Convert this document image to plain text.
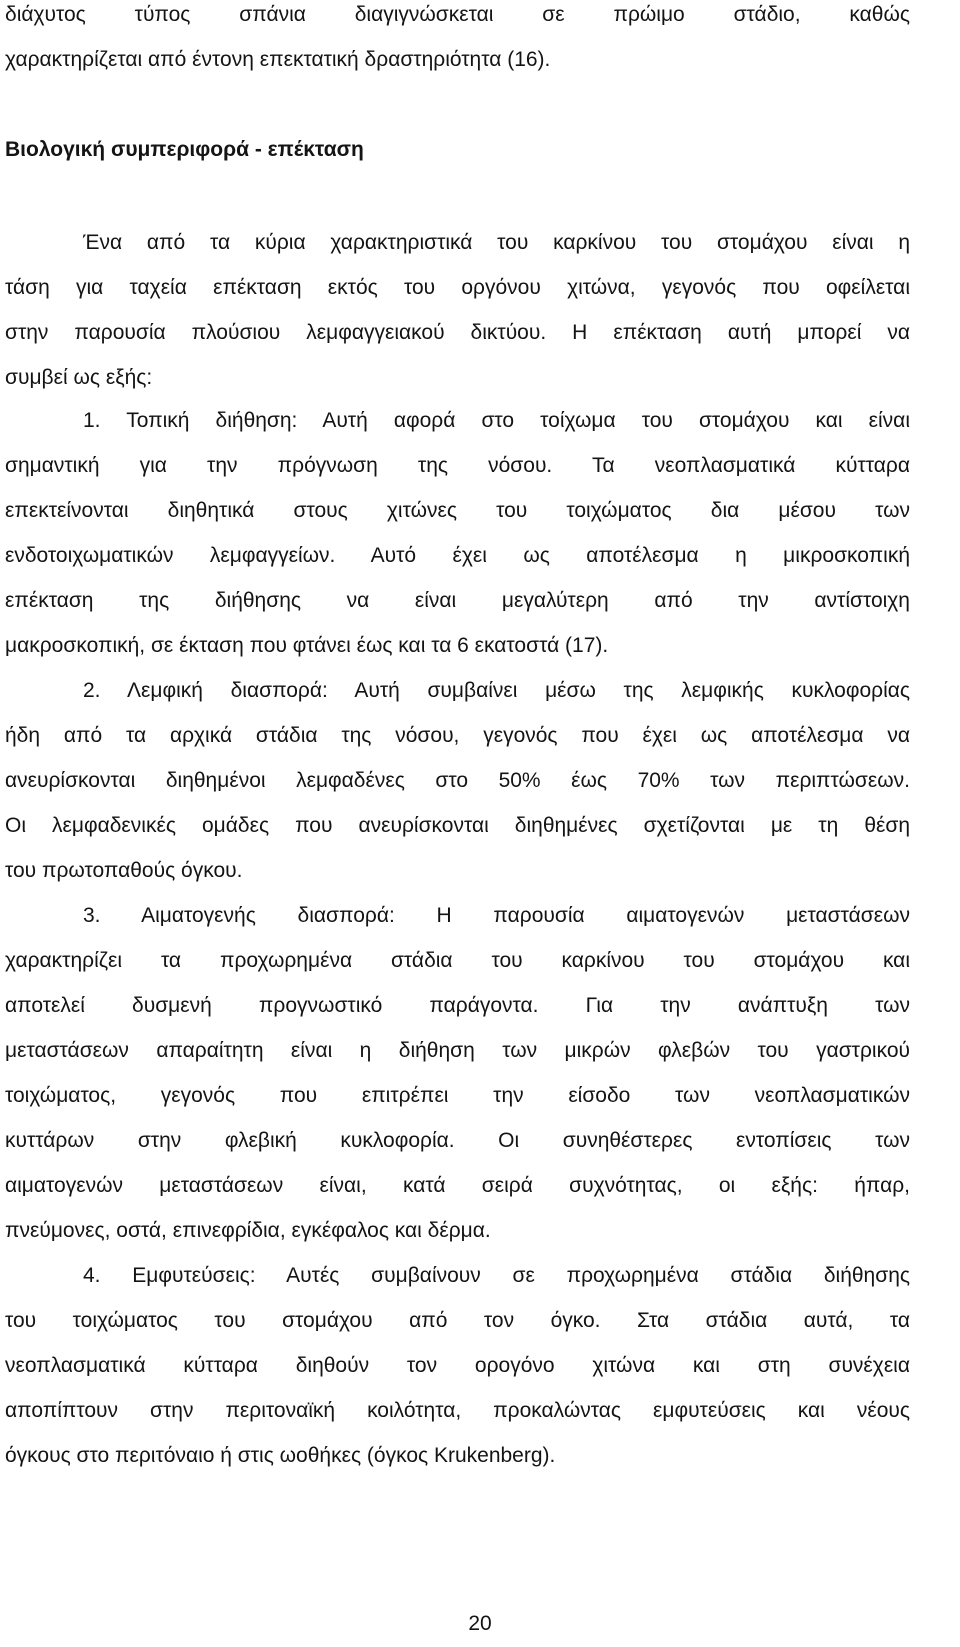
διάχυτος τύπος σπάνια διαγιγνώσκεται σε πρώιμο στάδιο, καθώς
χαρακτηρίζεται από έντονη επεκτατική δραστηριότητα (16).
Βιολογική συμπεριφορά - επέκταση
Ένα από τα κύρια χαρακτηριστικά του καρκίνου του στομάχου είναι η
τάση για ταχεία επέκταση εκτός του οργόνου χιτώνα, γεγονός που οφείλεται
στην παρουσία πλούσιου λεμφαγγειακού δικτύου. Η επέκταση αυτή μπορεί να
συμβεί ως εξής:
1. Τοπική διήθηση: Αυτή αφορά στο τοίχωμα του στομάχου και είναι
σημαντική για την πρόγνωση της νόσου. Τα νεοπλασματικά κύτταρα
επεκτείνονται διηθητικά στους χιτώνες του τοιχώματος δια μέσου των
ενδοτοιχωματικών λεμφαγγείων. Αυτό έχει ως αποτέλεσμα η μικροσκοπική
επέκταση της διήθησης να είναι μεγαλύτερη από την αντίστοιχη
μακροσκοπική, σε έκταση που φτάνει έως και τα 6 εκατοστά (17).
2. Λεμφική διασπορά: Αυτή συμβαίνει μέσω της λεμφικής κυκλοφορίας
ήδη από τα αρχικά στάδια της νόσου, γεγονός που έχει ως αποτέλεσμα να
ανευρίσκονται διηθημένοι λεμφαδένες στο 50% έως 70% των περιπτώσεων.
Οι λεμφαδενικές ομάδες που ανευρίσκονται διηθημένες σχετίζονται με τη θέση
του πρωτοπαθούς όγκου.
3. Αιματογενής διασπορά: Η παρουσία αιματογενών μεταστάσεων
χαρακτηρίζει τα προχωρημένα στάδια του καρκίνου του στομάχου και
αποτελεί δυσμενή προγνωστικό παράγοντα. Για την ανάπτυξη των
μεταστάσεων απαραίτητη είναι η διήθηση των μικρών φλεβών του γαστρικού
τοιχώματος, γεγονός που επιτρέπει την είσοδο των νεοπλασματικών
κυττάρων στην φλεβική κυκλοφορία. Οι συνηθέστερες εντοπίσεις των
αιματογενών μεταστάσεων είναι, κατά σειρά συχνότητας, οι εξής: ήπαρ,
πνεύμονες, οστά, επινεφρίδια, εγκέφαλος και δέρμα.
4. Εμφυτεύσεις: Αυτές συμβαίνουν σε προχωρημένα στάδια διήθησης
του τοιχώματος του στομάχου από τον όγκο. Στα στάδια αυτά, τα
νεοπλασματικά κύτταρα διηθούν τον ορογόνο χιτώνα και στη συνέχεια
αποπίπτουν στην περιτοναϊκή κοιλότητα, προκαλώντας εμφυτεύσεις και νέους
όγκους στο περιτόναιο ή στις ωοθήκες (όγκος Krukenberg).
20
